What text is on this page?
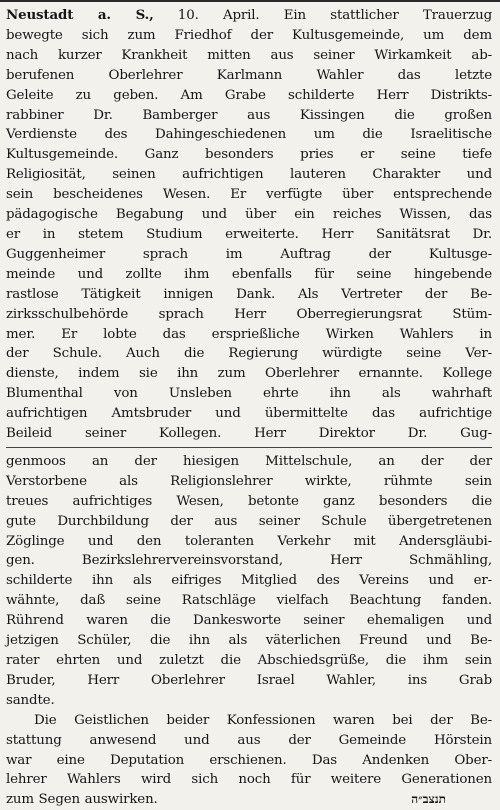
Neustadt a. S., 10. April. Ein stattlicher Trauerzug
bewegte sich zum Friedhof der Kultusgemeinde, um dem
nach kurzer Krankheit mitten aus seiner Wirkamkeit ab-
berufenen Oberlehrer Karlmann Wahler das letzte
Geleite zu geben. Am Grabe schilderte Herr Distrikts-
rabbiner Dr. Bamberger aus Kissingen die großen
Verdienste des Dahingeschiedenen um die Israelitische
Kultusgemeinde. Ganz besonders pries er seine tiefe
Religiosität, seinen aufrichtigen lauteren Charakter und
sein bescheidenes Wesen. Er verfügte über entsprechende
pädagogische Begabung und über ein reiches Wissen, das
er in stetem Studium erweiterte. Herr Sanitätsrat Dr.
Guggenheimer sprach im Auftrag der Kultusge-
meinde und zollte ihm ebenfalls für seine hingebende
rastlose Tätigkeit innigen Dank. Als Vertreter der Be-
zirksschulbehörde sprach Herr Oberregierungsrat Stüm-
mer. Er lobte das ersprießliche Wirken Wahlers in
der Schule. Auch die Regierung würdigte seine Ver-
dienste, indem sie ihn zum Oberlehrer ernannte. Kollege
Blumenthal von Unsleben ehrte ihn als wahrhaft
aufrichtigen Amtsbruder und übermittelte das aufrichtige
Beileid seiner Kollegen. Herr Direktor Dr. Gug-
genmoos an der hiesigen Mittelschule, an der der
Verstorbene als Religionslehrer wirkte, rühmte sein
treues aufrichtiges Wesen, betonte ganz besonders die
gute Durchbildung der aus seiner Schule übergetretenen
Zöglinge und den toleranten Verkehr mit Andersgläubi-
gen. Bezirkslehrervereinsvorstand, Herr Schmähling,
schilderte ihn als eifriges Mitglied des Vereins und er-
wähnte, daß seine Ratschläge vielfach Beachtung fanden.
Rührend waren die Dankesworte seiner ehemaligen und
jetzigen Schüler, die ihn als väterlichen Freund und Be-
rater ehrten und zuletzt die Abschiedsgrüße, die ihm sein
Bruder, Herr Oberlehrer Israel Wahler, ins Grab
sandte.
Die Geistlichen beider Konfessionen waren bei der Be-
stattung anwesend und aus der Gemeinde Hörstein
war eine Deputation erschienen. Das Andenken Ober-
lehrer Wahlers wird sich noch für weitere Generationen
zum Segen auswirken.	תנצב״ה
